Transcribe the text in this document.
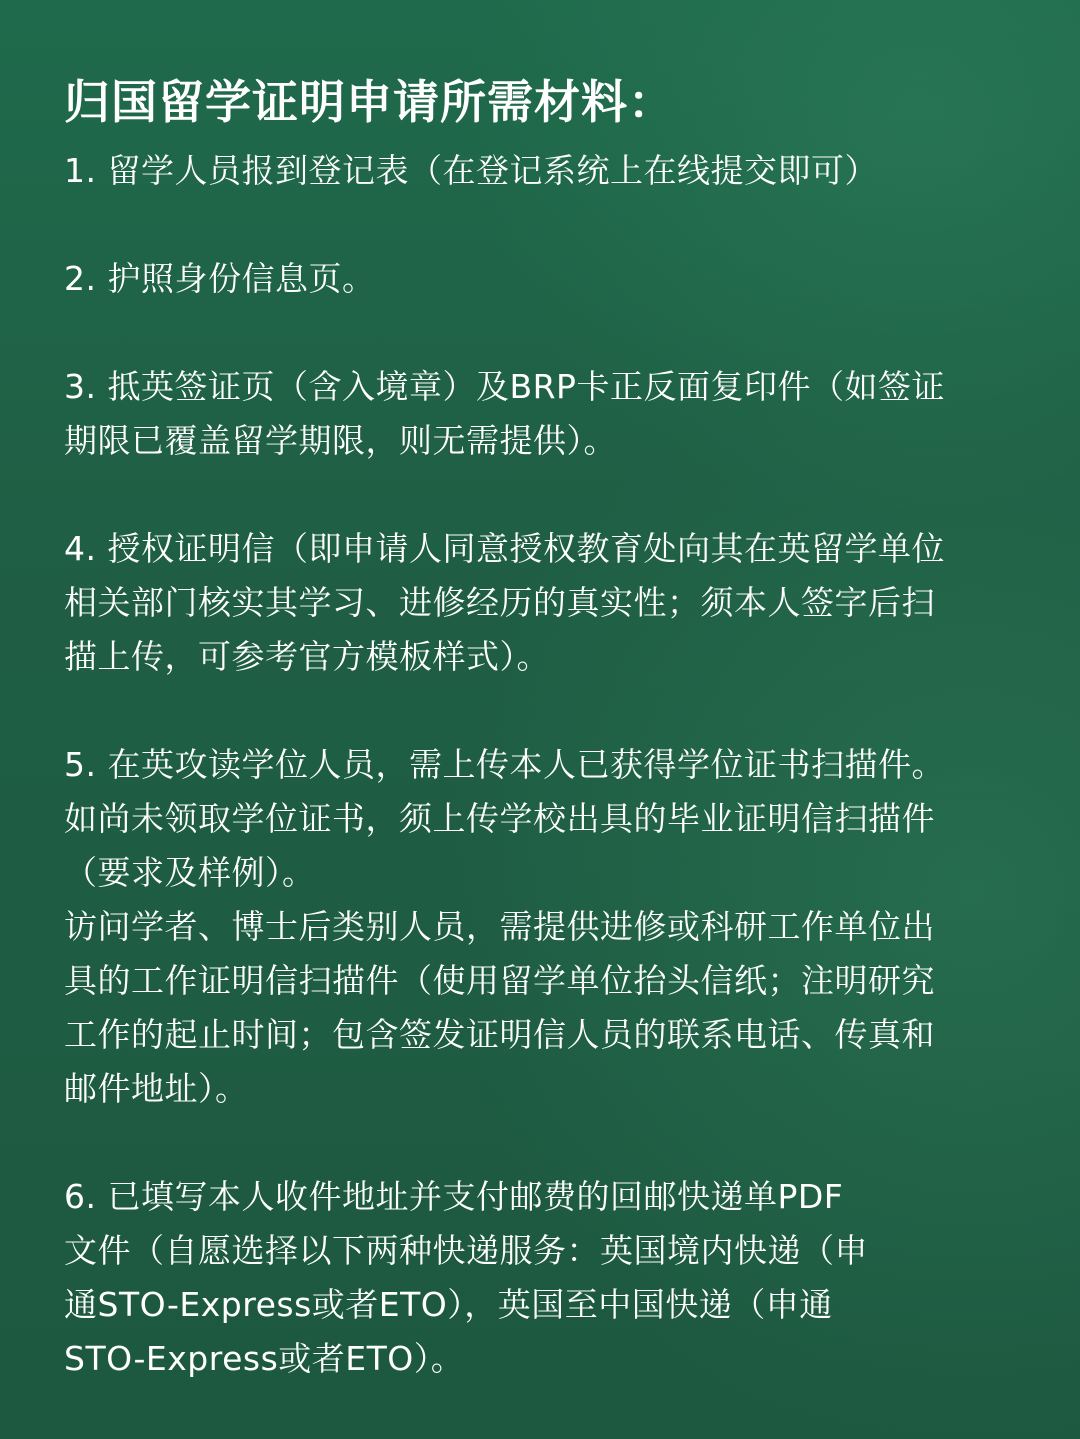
归国留学证明申请所需材料：

1. 留学人员报到登记表（在登记系统上在线提交即可）

2. 护照身份信息页。

3. 抵英签证页（含入境章）及BRP卡正反面复印件（如签证

期限已覆盖留学期限，则无需提供）。

4. 授权证明信（即申请人同意授权教育处向其在英留学单位

相关部门核实其学习、进修经历的真实性；须本人签字后扫

描上传，可参考官方模板样式）。

5. 在英攻读学位人员，需上传本人已获得学位证书扫描件。

如尚未领取学位证书，须上传学校出具的毕业证明信扫描件

（要求及样例）。

访问学者、博士后类别人员，需提供进修或科研工作单位出

具的工作证明信扫描件（使用留学单位抬头信纸；注明研究

工作的起止时间；包含签发证明信人员的联系电话、传真和

邮件地址）。

6. 已填写本人收件地址并支付邮费的回邮快递单PDF

文件（自愿选择以下两种快递服务：英国境内快递（申

通STO-Express或者ETO），英国至中国快递（申通

STO-Express或者ETO）。
